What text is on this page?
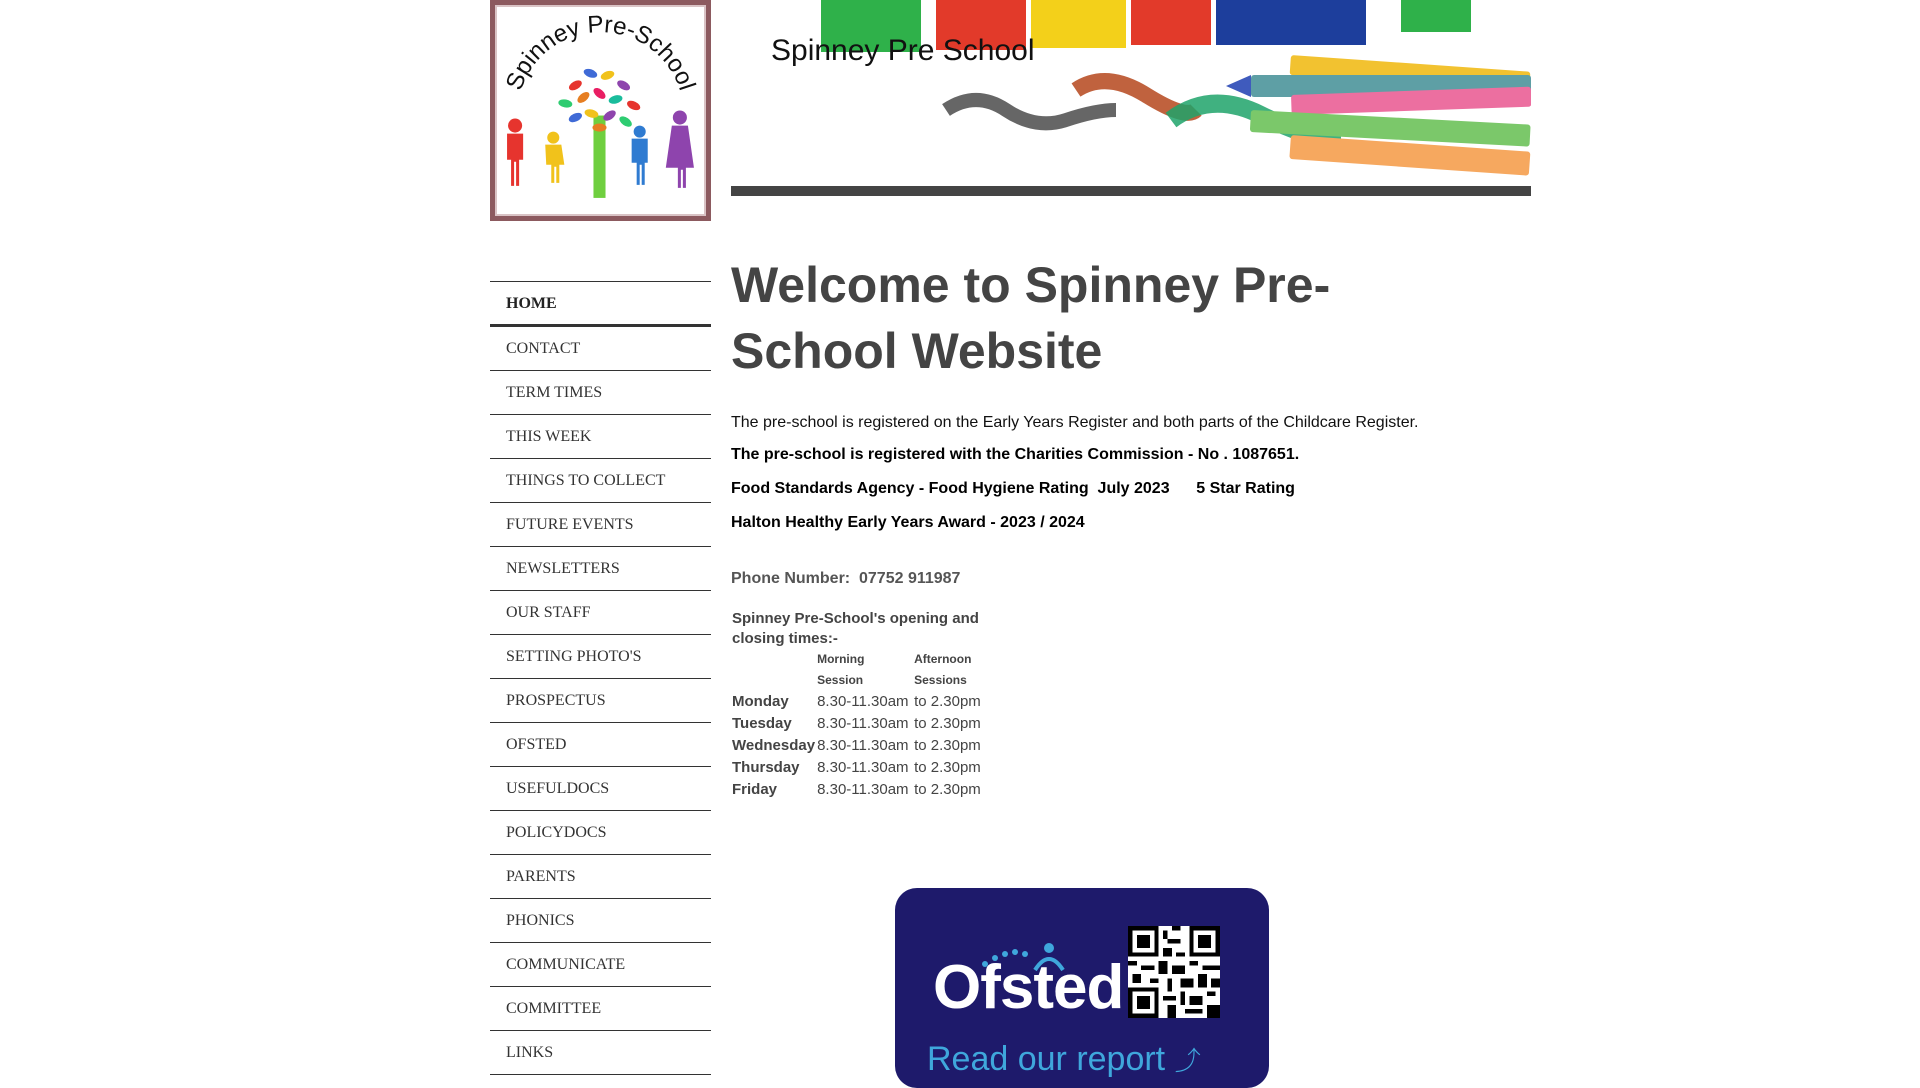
Spinney Pre-School
Spinney Pre School
HOME
CONTACT
TERM TIMES
THIS WEEK
THINGS TO COLLECT
FUTURE EVENTS
NEWSLETTERS
OUR STAFF
SETTING PHOTO'S
PROSPECTUS
OFSTED
USEFULDOCS
POLICYDOCS
PARENTS
PHONICS
COMMUNICATE
COMMITTEE
LINKS
Welcome to Spinney Pre-School Website

The pre-school is registered on the Early Years Register and both parts of the Childcare Register.

The pre-school is registered with the Charities Commission - No . 1087651.

Food Standards Agency - Food Hygiene Rating  July 2023      5 Star Rating

Halton Healthy Early Years Award - 2023 / 2024

Phone Number:  07752 911987

Spinney Pre-School's opening and closing times:-		
	Morning Session	Afternoon Sessions
Monday	8.30-11.30am	to 2.30pm
Tuesday	8.30-11.30am	to 2.30pm
Wednesday	8.30-11.30am	to 2.30pm
Thursday	8.30-11.30am	to 2.30pm
Friday	8.30-11.30am	to 2.30pm
Ofsted
Read our report ⤴
